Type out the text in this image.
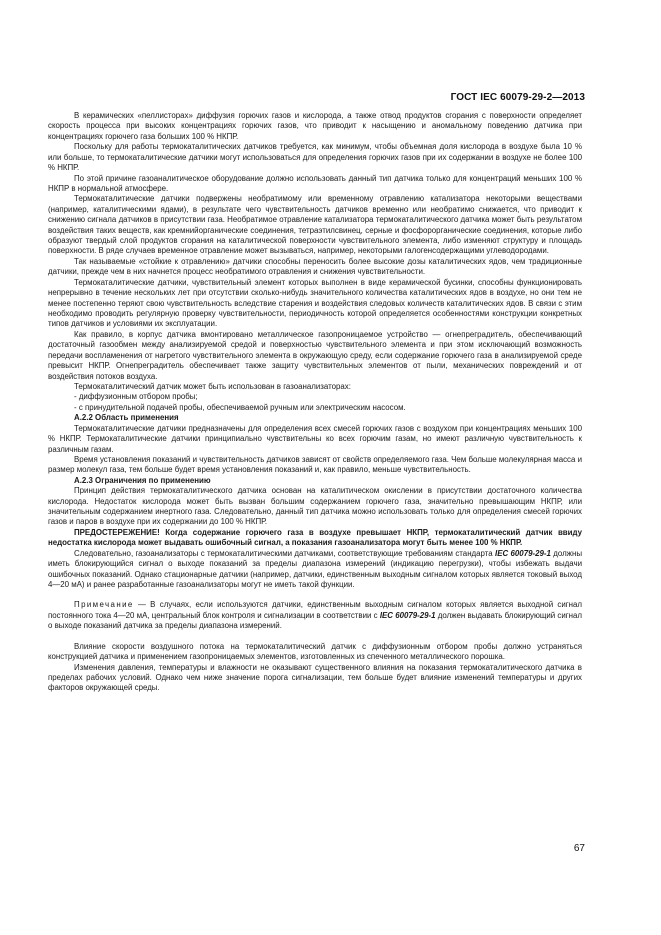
ГОСТ IEC 60079-29-2—2013

В керамических «пеллисторах» диффузия горючих газов и кислорода, а также отвод продуктов сгорания с поверхности определяет скорость процесса при высоких концентрациях горючих газов, что приводит к насыщению и аномальному поведению датчика при концентрациях горючего газа больших 100 % НКПР.

Поскольку для работы термокаталитических датчиков требуется, как минимум, чтобы объемная доля кислорода в воздухе была 10 % или больше, то термокаталитические датчики могут использоваться для определения горючих газов при их содержании в воздухе не более 100 % НКПР.

По этой причине газоаналитическое оборудование должно использовать данный тип датчика только для концентраций меньших 100 % НКПР в нормальной атмосфере.

Термокаталитические датчики подвержены необратимому или временному отравлению катализатора некоторыми веществами (например, каталитическими ядами), в результате чего чувствительность датчиков временно или необратимо снижается, что приводит к снижению сигнала датчиков в присутствии газа. Необратимое отравление катализатора термокаталитического датчика может быть результатом воздействия таких веществ, как кремнийорганические соединения, тетраэтилсвинец, серные и фосфорорганические соединения, которые либо образуют твердый слой продуктов сгорания на каталитической поверхности чувствительного элемента, либо изменяют структуру и площадь поверхности. В ряде случаев временное отравление может вызываться, например, некоторыми галогенсодержащими углеводородами.

Так называемые «стойкие к отравлению» датчики способны переносить более высокие дозы каталитических ядов, чем традиционные датчики, прежде чем в них начнется процесс необратимого отравления и снижения чувствительности.

Термокаталитические датчики, чувствительный элемент которых выполнен в виде керамической бусинки, способны функционировать непрерывно в течение нескольких лет при отсутствии сколько-нибудь значительного количества каталитических ядов в воздухе, но они тем не менее постепенно теряют свою чувствительность вследствие старения и воздействия следовых количеств каталитических ядов. В связи с этим необходимо проводить регулярную проверку чувствительности, периодичность которой определяется особенностями конструкции конкретных типов датчиков и условиями их эксплуатации.

Как правило, в корпус датчика вмонтировано металлическое газопроницаемое устройство — огнепреградитель, обеспечивающий достаточный газообмен между анализируемой средой и поверхностью чувствительного элемента и при этом исключающий возможность передачи воспламенения от нагретого чувствительного элемента в окружающую среду, если содержание горючего газа в анализируемой среде превысит НКПР. Огнепреградитель обеспечивает также защиту чувствительных элементов от пыли, механических повреждений и от воздействия потоков воздуха.

Термокаталитический датчик может быть использован в газоанализаторах:

- диффузионным отбором пробы;

- с принудительной подачей пробы, обеспечиваемой ручным или электрическим насосом.

А.2.2 Область применения

Термокаталитические датчики предназначены для определения всех смесей горючих газов с воздухом при концентрациях меньших 100 % НКПР. Термокаталитические датчики принципиально чувствительны ко всех горючим газам, но имеют различную чувствительность к различным газам.

Время установления показаний и чувствительность датчиков зависят от свойств определяемого газа. Чем больше молекулярная масса и размер молекул газа, тем больше будет время установления показаний и, как правило, меньше чувствительность.

А.2.3 Ограничения по применению

Принцип действия термокаталитического датчика основан на каталитическом окислении в присутствии достаточного количества кислорода. Недостаток кислорода может быть вызван большим содержанием горючего газа, значительно превышающим НКПР, или значительным содержанием инертного газа. Следовательно, данный тип датчика можно использовать только для определения смесей горючих газов и паров в воздухе при их содержании до 100 % НКПР.

ПРЕДОСТЕРЕЖЕНИЕ! Когда содержание горючего газа в воздухе превышает НКПР, термокаталитический датчик ввиду недостатка кислорода может выдавать ошибочный сигнал, а показания газоанализатора могут быть менее 100 % НКПР.

Следовательно, газоанализаторы с термокаталитическими датчиками, соответствующие требованиям стандарта IEC 60079-29-1 должны иметь блокирующийся сигнал о выходе показаний за пределы диапазона измерений (индикацию перегрузки), чтобы избежать выдачи ошибочных показаний. Однако стационарные датчики (например, датчики, единственным выходным сигналом которых является токовый выход 4—20 мА) и ранее разработанные газоанализаторы могут не иметь такой функции.

Примечание — В случаях, если используются датчики, единственным выходным сигналом которых является выходной сигнал постоянного тока 4—20 мА, центральный блок контроля и сигнализации в соответствии с IEC 60079-29-1 должен выдавать блокирующий сигнал о выходе показаний датчика за пределы диапазона измерений.

Влияние скорости воздушного потока на термокаталитический датчик с диффузионным отбором пробы должно устраняться конструкцией датчика и применением газопроницаемых элементов, изготовленных из спеченного металлического порошка.

Изменения давления, температуры и влажности не оказывают существенного влияния на показания термокаталитического датчика в пределах рабочих условий. Однако чем ниже значение порога сигнализации, тем больше будет влияние изменений температуры и других факторов окружающей среды.

67
